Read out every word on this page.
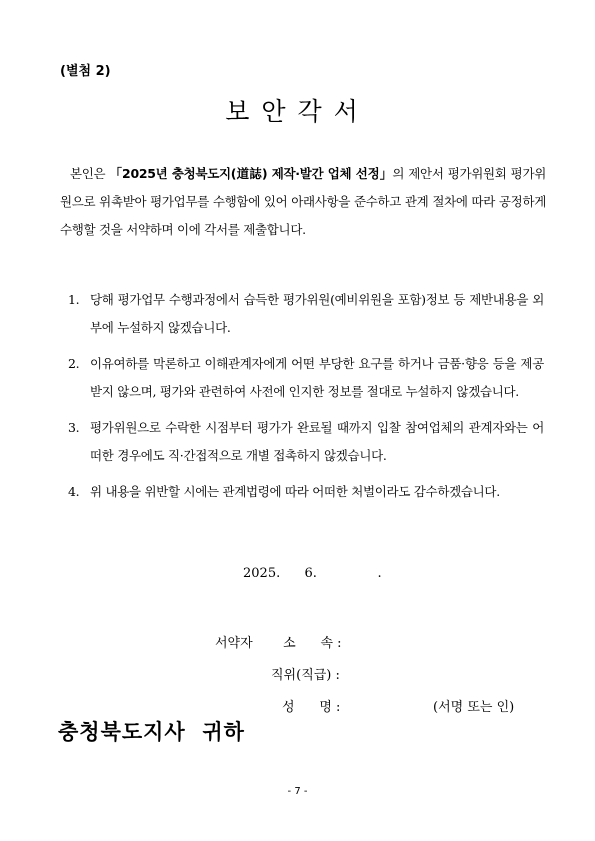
(별첨 2)
보안각서
본인은 「2025년 충청북도지(道誌) 제작·발간 업체 선정」의 제안서 평가위원회 평가위원으로 위촉받아 평가업무를 수행함에 있어 아래사항을 준수하고 관계 절차에 따라 공정하게 수행할 것을 서약하며 이에 각서를 제출합니다.
1. 당해 평가업무 수행과정에서 습득한 평가위원(예비위원을 포함)정보 등 제반내용을 외부에 누설하지 않겠습니다.
2. 이유여하를 막론하고 이해관계자에게 어떤 부당한 요구를 하거나 금품·향응 등을 제공받지 않으며, 평가와 관련하여 사전에 인지한 정보를 절대로 누설하지 않겠습니다.
3. 평가위원으로 수락한 시점부터 평가가 완료될 때까지 입찰 참여업체의 관계자와는 어떠한 경우에도 직·간접적으로 개별 접촉하지 않겠습니다.
4. 위 내용을 위반할 시에는 관계법령에 따라 어떠한 처벌이라도 감수하겠습니다.
2025.  6.     .
서약자 소      속 :
직위(직급) :
성      명 :	(서명 또는 인)
충청북도지사  귀하
- 7 -
